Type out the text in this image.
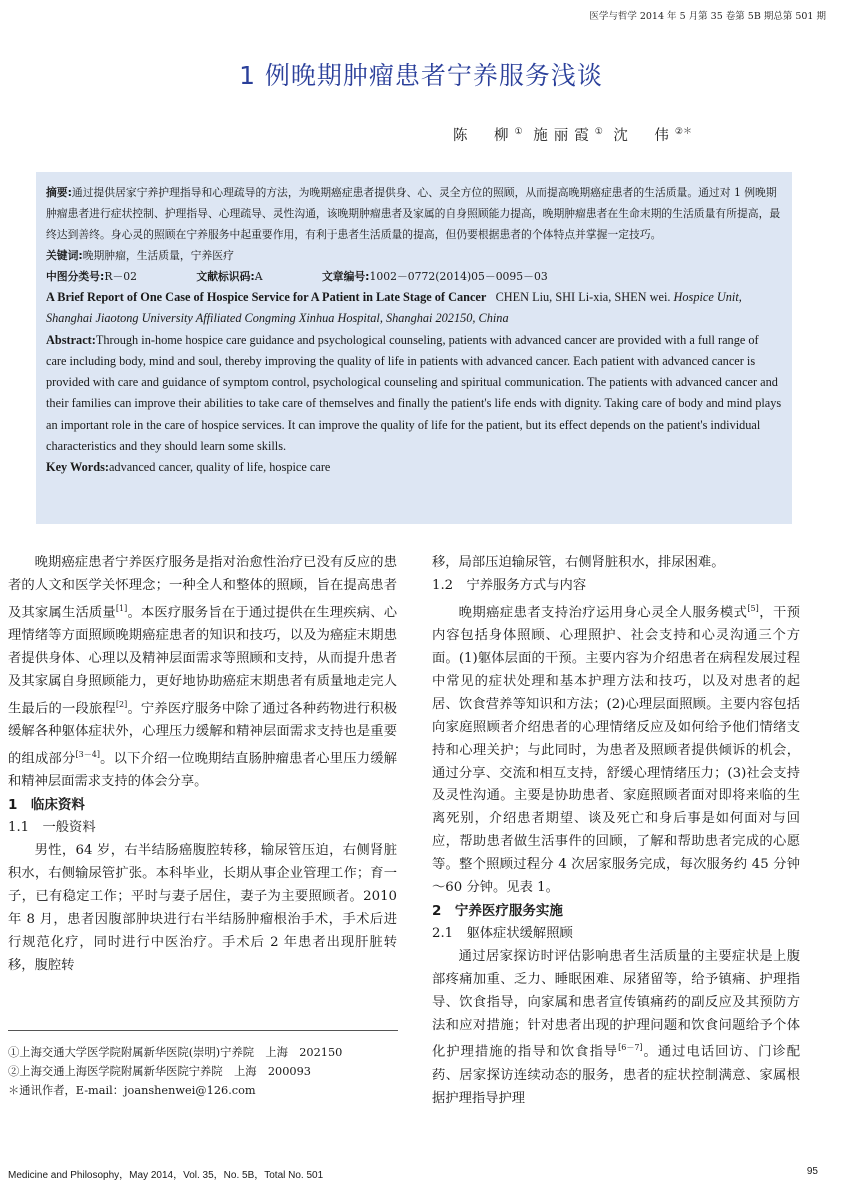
医学与哲学 2014 年 5 月第 35 卷第 5B 期总第 501 期
1 例晚期肿瘤患者宁养服务浅谈
陈　柳① 施丽霞① 沈　伟②＊
摘要:通过提供居家宁养护理指导和心理疏导的方法，为晚期癌症患者提供身、心、灵全方位的照顾，从而提高晚期癌症患者的生活质量。通过对 1 例晚期肿瘤患者进行症状控制、护理指导、心理疏导、灵性沟通，该晚期肿瘤患者及家属的自身照顾能力提高，晚期肿瘤患者在生命末期的生活质量有所提高，最终达到善终。身心灵的照顾在宁养服务中起重要作用，有利于患者生活质量的提高，但仍要根据患者的个体特点并掌握一定技巧。
关键词:晚期肿瘤，生活质量，宁养医疗
中图分类号:R－02	文献标识码:A	文章编号:1002－0772(2014)05－0095－03
A Brief Report of One Case of Hospice Service for A Patient in Late Stage of Cancer CHEN Liu, SHI Li-xia, SHEN wei. Hospice Unit, Shanghai Jiaotong University Affiliated Congming Xinhua Hospital, Shanghai 202150, China
Abstract:Through in-home hospice care guidance and psychological counseling, patients with advanced cancer are provided with a full range of care including body, mind and soul, thereby improving the quality of life in patients with advanced cancer. Each patient with advanced cancer is provided with care and guidance of symptom control, psychological counseling and spiritual communication. The patients with advanced cancer and their families can improve their abilities to take care of themselves and finally the patient's life ends with dignity. Taking care of body and mind plays an important role in the care of hospice services. It can improve the quality of life for the patient, but its effect depends on the patient's individual characteristics and they should learn some skills.
Key Words:advanced cancer, quality of life, hospice care

晚期癌症患者宁养医疗服务是指对治愈性治疗已没有反应的患者的人文和医学关怀理念；一种全人和整体的照顾，旨在提高患者及其家属生活质量[1]。本医疗服务旨在于通过提供在生理疾病、心理情绪等方面照顾晚期癌症患者的知识和技巧，以及为癌症末期患者提供身体、心理以及精神层面需求等照顾和支持，从而提升患者及其家属自身照顾能力，更好地协助癌症末期患者有质量地走完人生最后的一段旅程[2]。宁养医疗服务中除了通过各种药物进行积极缓解各种躯体症状外，心理压力缓解和精神层面需求支持也是重要的组成部分[3－4]。以下介绍一位晚期结直肠肿瘤患者心里压力缓解和精神层面需求支持的体会分享。

1　临床资料

1.1　一般资料

男性，64 岁，右半结肠癌腹腔转移，输尿管压迫，右侧肾脏积水，右侧输尿管扩张。本科毕业，长期从事企业管理工作；育一子，已有稳定工作；平时与妻子居住，妻子为主要照顾者。2010 年 8 月，患者因腹部肿块进行右半结肠肿瘤根治手术，手术后进行规范化疗，同时进行中医治疗。手术后 2 年患者出现肝脏转移，腹腔转

移，局部压迫输尿管，右侧肾脏积水，排尿困难。

1.2　宁养服务方式与内容

晚期癌症患者支持治疗运用身心灵全人服务模式[5]，干预内容包括身体照顾、心理照护、社会支持和心灵沟通三个方面。(1)躯体层面的干预。主要内容为介绍患者在病程发展过程中常见的症状处理和基本护理方法和技巧，以及对患者的起居、饮食营养等知识和方法；(2)心理层面照顾。主要内容包括向家庭照顾者介绍患者的心理情绪反应及如何给予他们情绪支持和心理关护；与此同时，为患者及照顾者提供倾诉的机会，通过分享、交流和相互支持，舒缓心理情绪压力；(3)社会支持及灵性沟通。主要是协助患者、家庭照顾者面对即将来临的生离死别，介绍患者期望、谈及死亡和身后事是如何面对与回应，帮助患者做生活事件的回顾，了解和帮助患者完成的心愿等。整个照顾过程分 4 次居家服务完成，每次服务约 45 分钟～60 分钟。见表 1。

2　宁养医疗服务实施

2.1　躯体症状缓解照顾

通过居家探访时评估影响患者生活质量的主要症状是上腹部疼痛加重、乏力、睡眠困难、尿猪留等，给予镇痛、护理指导、饮食指导，向家属和患者宣传镇痛药的副反应及其预防方法和应对措施；针对患者出现的护理问题和饮食问题给予个体化护理措施的指导和饮食指导[6－7]。通过电话回访、门诊配药、居家探访连续动态的服务，患者的症状控制满意、家属根据护理指导护理

①上海交通大学医学院附属新华医院(崇明)宁养院　上海　202150
②上海交通上海医学院附属新华医院宁养院　上海　200093
＊通讯作者，E-mail：joanshenwei@126.com
Medicine and Philosophy，May 2014，Vol. 35，No. 5B，Total No. 501	95
